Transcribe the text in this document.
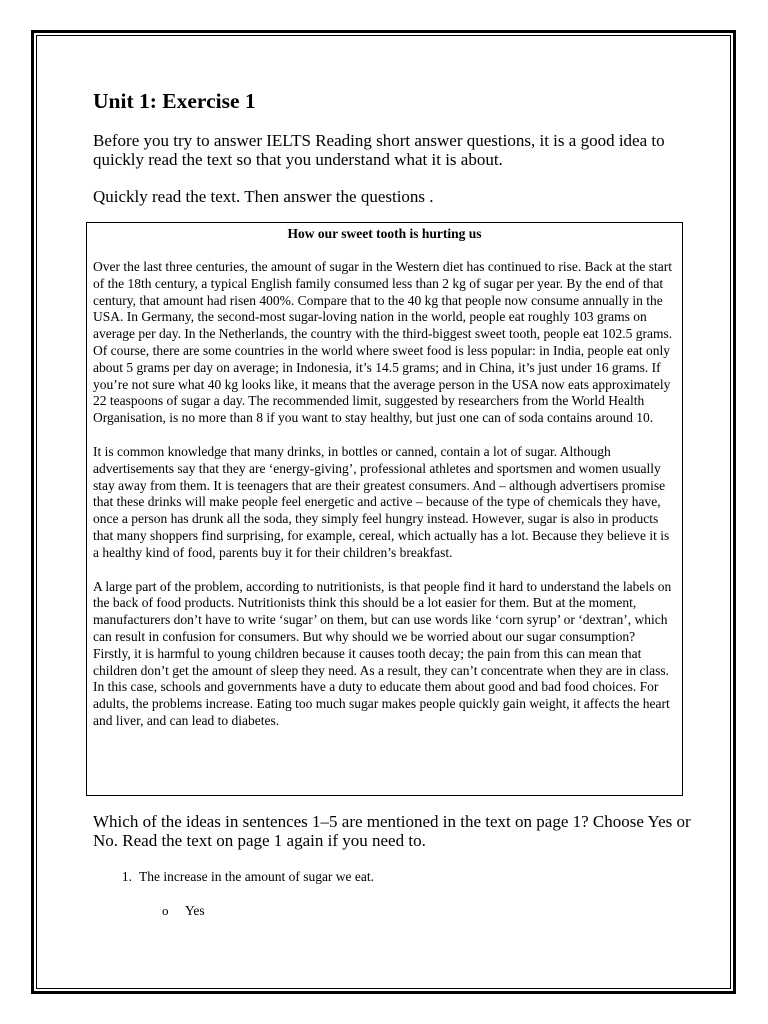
Unit 1: Exercise 1

Before you try to answer IELTS Reading short answer questions, it is a good idea to quickly read the text so that you understand what it is about.

Quickly read the text. Then answer the questions .

How our sweet tooth is hurting us

Over the last three centuries, the amount of sugar in the Western diet has continued to rise. Back at the start of the 18th century, a typical English family consumed less than 2 kg of sugar per year. By the end of that century, that amount had risen 400%. Compare that to the 40 kg that people now consume annually in the USA. In Germany, the second-most sugar-loving nation in the world, people eat roughly 103 grams on average per day. In the Netherlands, the country with the third-biggest sweet tooth, people eat 102.5 grams. Of course, there are some countries in the world where sweet food is less popular: in India, people eat only about 5 grams per day on average; in Indonesia, it’s 14.5 grams; and in China, it’s just under 16 grams. If you’re not sure what 40 kg looks like, it means that the average person in the USA now eats approximately 22 teaspoons of sugar a day. The recommended limit, suggested by researchers from the World Health Organisation, is no more than 8 if you want to stay healthy, but just one can of soda contains around 10.

It is common knowledge that many drinks, in bottles or canned, contain a lot of sugar. Although advertisements say that they are ‘energy-giving’, professional athletes and sportsmen and women usually stay away from them. It is teenagers that are their greatest consumers. And – although advertisers promise that these drinks will make people feel energetic and active – because of the type of chemicals they have, once a person has drunk all the soda, they simply feel hungry instead. However, sugar is also in products that many shoppers find surprising, for example, cereal, which actually has a lot. Because they believe it is a healthy kind of food, parents buy it for their children’s breakfast.

A large part of the problem, according to nutritionists, is that people find it hard to understand the labels on the back of food products. Nutritionists think this should be a lot easier for them. But at the moment, manufacturers don’t have to write ‘sugar’ on them, but can use words like ‘corn syrup’ or ‘dextran’, which can result in confusion for consumers. But why should we be worried about our sugar consumption? Firstly, it is harmful to young children because it causes tooth decay; the pain from this can mean that children don’t get the amount of sleep they need. As a result, they can’t concentrate when they are in class. In this case, schools and governments have a duty to educate them about good and bad food choices. For adults, the problems increase. Eating too much sugar makes people quickly gain weight, it affects the heart and liver, and can lead to diabetes.

Which of the ideas in sentences 1–5 are mentioned in the text on page 1? Choose Yes or No. Read the text on page 1 again if you need to.

1. The increase in the amount of sugar we eat.
o	Yes
